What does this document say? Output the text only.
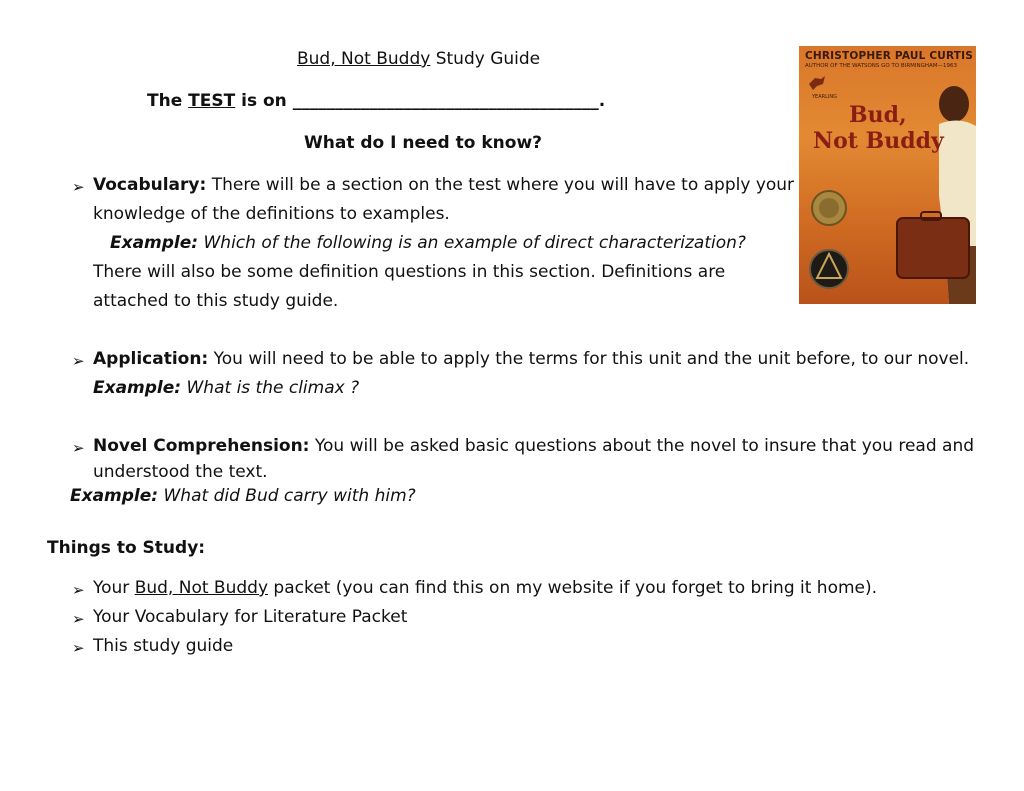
Bud, Not Buddy Study Guide
The TEST is on ____________________________________.
What do I need to know?
➢ Vocabulary: There will be a section on the test where you will have to apply your
knowledge of the definitions to examples.
Example: Which of the following is an example of direct characterization?
There will also be some definition questions in this section. Definitions are
attached to this study guide.
➢ Application: You will need to be able to apply the terms for this unit and the unit before, to our novel.
Example: What is the climax ?
➢ Novel Comprehension: You will be asked basic questions about the novel to insure that you read and
understood the text.
Example: What did Bud carry with him?
Things to Study:
➢ Your Bud, Not Buddy packet (you can find this on my website if you forget to bring it home).
➢ Your Vocabulary for Literature Packet
➢ This study guide
CHRISTOPHER PAUL CURTIS
AUTHOR OF THE WATSONS GO TO BIRMINGHAM—1963
YEARLING
Bud,
Not Buddy
